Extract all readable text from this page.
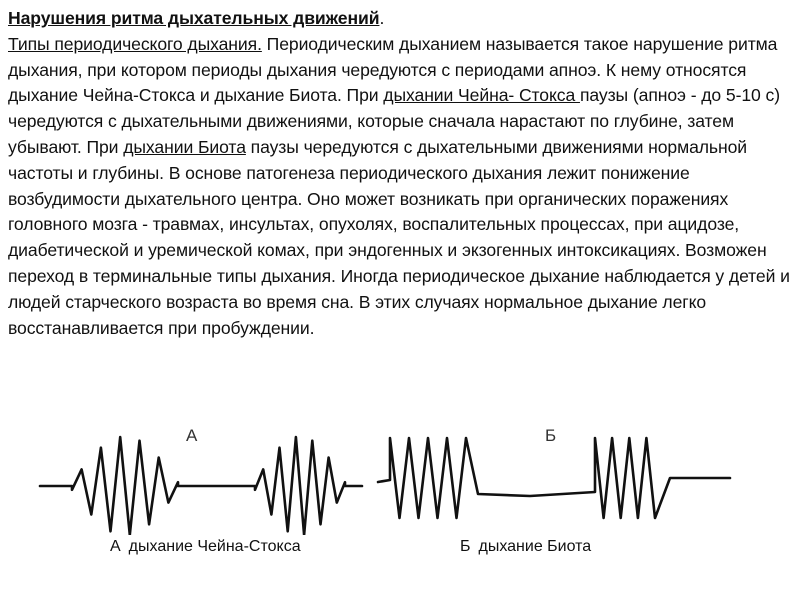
Нарушения ритма дыхательных движений.
Типы периодического дыхания. Периодическим дыханием называется такое нарушение ритма дыхания, при котором периоды дыхания чередуются с периодами апноэ. К нему относятся дыхание Чейна-Стокса и дыхание Биота. При дыхании Чейна- Стокса паузы (апноэ - до 5-10 с) чередуются с дыхательными движениями, которые сначала нарастают по глубине, затем убывают. При дыхании Биота паузы чередуются с дыхательными движениями нормальной частоты и глубины. В основе патогенеза периодического дыхания лежит понижение возбудимости дыхательного центра. Оно может возникать при органических поражениях головного мозга - травмах, инсультах, опухолях, воспалительных процессах, при ацидозе, диабетической и уремической комах, при эндогенных и экзогенных интоксикациях. Возможен переход в терминальные типы дыхания. Иногда периодическое дыхание наблюдается у детей и людей старческого возраста во время сна. В этих случаях нормальное дыхание легко восстанавливается при пробуждении.
А	Б
А дыхание Чейна-Стокса	Б дыхание Биота
